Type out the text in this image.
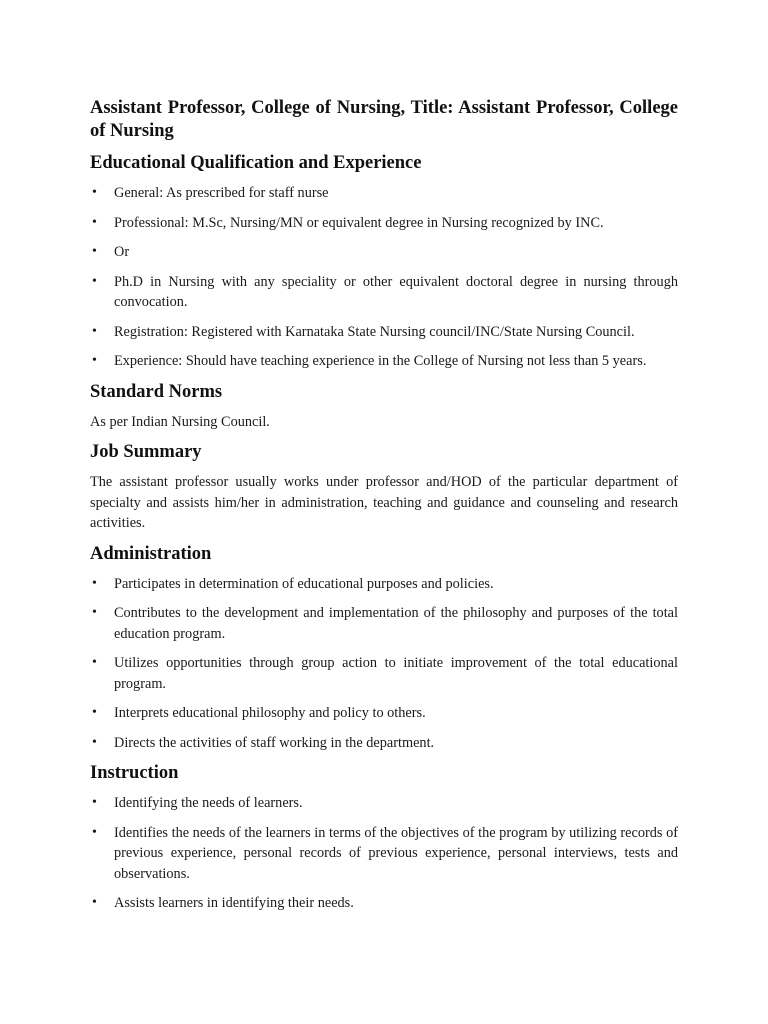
Assistant Professor, College of Nursing, Title: Assistant Professor, College of Nursing
Educational Qualification and Experience
• General: As prescribed for staff nurse
• Professional: M.Sc, Nursing/MN or equivalent degree in Nursing recognized by INC.
• Or
• Ph.D in Nursing with any speciality or other equivalent doctoral degree in nursing through convocation.
• Registration: Registered with Karnataka State Nursing council/INC/State Nursing Council.
• Experience: Should have teaching experience in the College of Nursing not less than 5 years.
Standard Norms

As per Indian Nursing Council.

Job Summary

The assistant professor usually works under professor and/HOD of the particular department of specialty and assists him/her in administration, teaching and guidance and counseling and research activities.

Administration
• Participates in determination of educational purposes and policies.
• Contributes to the development and implementation of the philosophy and purposes of the total education program.
• Utilizes opportunities through group action to initiate improvement of the total educational program.
• Interprets educational philosophy and policy to others.
• Directs the activities of staff working in the department.
Instruction
• Identifying the needs of learners.
• Identifies the needs of the learners in terms of the objectives of the program by utilizing records of previous experience, personal records of previous experience, personal interviews, tests and observations.
• Assists learners in identifying their needs.
